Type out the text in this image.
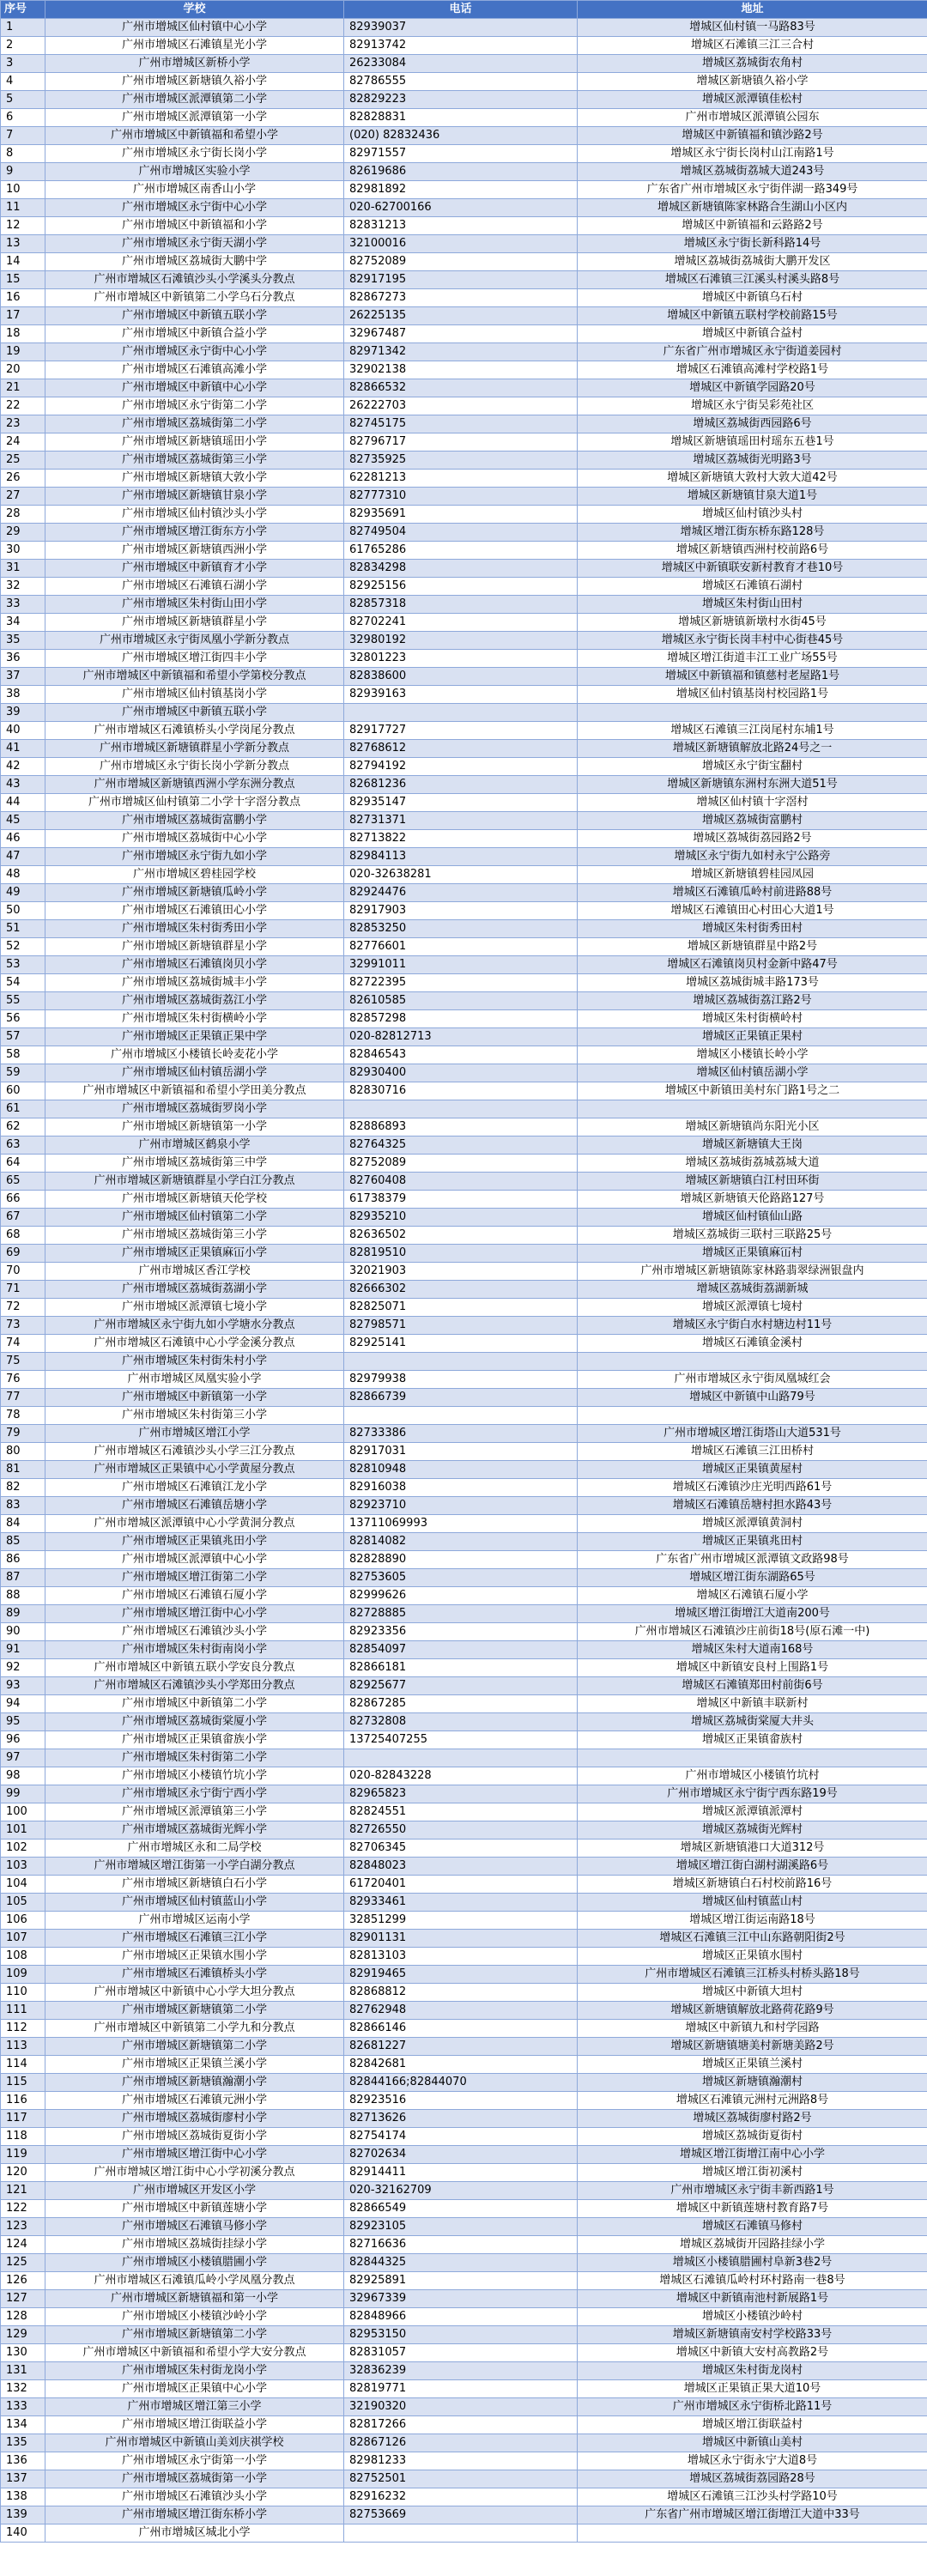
序号	学校	电话	地址
1	广州市增城区仙村镇中心小学	82939037	增城区仙村镇一马路83号
2	广州市增城区石滩镇星光小学	82913742	增城区石滩镇三江三合村
3	广州市增城区新桥小学	26233084	增城区荔城街农角村
4	广州市增城区新塘镇久裕小学	82786555	增城区新塘镇久裕小学
5	广州市增城区派潭镇第二小学	82829223	增城区派潭镇佳松村
6	广州市增城区派潭镇第一小学	82828831	广州市增城区派潭镇公园东
7	广州市增城区中新镇福和希望小学	(020) 82832436	增城区中新镇福和镇沙路2号
8	广州市增城区永宁街长岗小学	82971557	增城区永宁街长岗村山江南路1号
9	广州市增城区实验小学	82619686	增城区荔城街荔城大道243号
10	广州市增城区南香山小学	82981892	广东省广州市增城区永宁街伴湖一路349号
11	广州市增城区永宁街中心小学	020-62700166	增城区新塘镇陈家林路合生湖山小区内
12	广州市增城区中新镇福和小学	82831213	增城区中新镇福和云路路2号
13	广州市增城区永宁街天湖小学	32100016	增城区永宁街长新科路14号
14	广州市增城区荔城街大鹏中学	82752089	增城区荔城街荔城街大鹏开发区
15	广州市增城区石滩镇沙头小学溪头分教点	82917195	增城区石滩镇三江溪头村溪头路8号
16	广州市增城区中新镇第二小学乌石分教点	82867273	增城区中新镇乌石村
17	广州市增城区中新镇五联小学	26225135	增城区中新镇五联村学校前路15号
18	广州市增城区中新镇合益小学	32967487	增城区中新镇合益村
19	广州市增城区永宁街中心小学	82971342	广东省广州市增城区永宁街道姜园村
20	广州市增城区石滩镇高滩小学	32902138	增城区石滩镇高滩村学校路1号
21	广州市增城区中新镇中心小学	82866532	增城区中新镇学园路20号
22	广州市增城区永宁街第二小学	26222703	增城区永宁街吴彩苑社区
23	广州市增城区荔城街第二小学	82745175	增城区荔城街西园路6号
24	广州市增城区新塘镇瑶田小学	82796717	增城区新塘镇瑶田村瑶东五巷1号
25	广州市增城区荔城街第三小学	82735925	增城区荔城街光明路3号
26	广州市增城区新塘镇大敦小学	62281213	增城区新塘镇大敦村大敦大道42号
27	广州市增城区新塘镇甘泉小学	82777310	增城区新塘镇甘泉大道1号
28	广州市增城区仙村镇沙头小学	82935691	增城区仙村镇沙头村
29	广州市增城区增江街东方小学	82749504	增城区增江街东桥东路128号
30	广州市增城区新塘镇西洲小学	61765286	增城区新塘镇西洲村校前路6号
31	广州市增城区中新镇育才小学	82834298	增城区中新镇联安新村教育才巷10号
32	广州市增城区石滩镇石湖小学	82925156	增城区石滩镇石湖村
33	广州市增城区朱村街山田小学	82857318	增城区朱村街山田村
34	广州市增城区新塘镇群星小学	82702241	增城区新塘镇新墩村水街45号
35	广州市增城区永宁街凤凰小学新分教点	32980192	增城区永宁街长岗丰村中心街巷45号
36	广州市增城区增江街四丰小学	32801223	增城区增江街道丰江工业广场55号
37	广州市增城区中新镇福和希望小学第校分教点	82838600	增城区中新镇福和镇慈村老屋路1号
38	广州市增城区仙村镇基岗小学	82939163	增城区仙村镇基岗村校园路1号
39	广州市增城区中新镇五联小学		
40	广州市增城区石滩镇桥头小学岗尾分教点	82917727	增城区石滩镇三江岗尾村东埔1号
41	广州市增城区新塘镇群星小学新分教点	82768612	增城区新塘镇解放北路24号之一
42	广州市增城区永宁街长岗小学新分教点	82794192	增城区永宁街宝翻村
43	广州市增城区新塘镇西洲小学东洲分教点	82681236	增城区新塘镇东洲村东洲大道51号
44	广州市增城区仙村镇第二小学十字滘分教点	82935147	增城区仙村镇十字滘村
45	广州市增城区荔城街富鹏小学	82731371	增城区荔城街富鹏村
46	广州市增城区荔城街中心小学	82713822	增城区荔城街荔园路2号
47	广州市增城区永宁街九如小学	82984113	增城区永宁街九如村永宁公路旁
48	广州市增城区碧桂园学校	020-32638281	增城区新塘镇碧桂园凤园
49	广州市增城区新塘镇瓜岭小学	82924476	增城区石滩镇瓜岭村前进路88号
50	广州市增城区石滩镇田心小学	82917903	增城区石滩镇田心村田心大道1号
51	广州市增城区朱村街秀田小学	82853250	增城区朱村街秀田村
52	广州市增城区新塘镇群星小学	82776601	增城区新塘镇群星中路2号
53	广州市增城区石滩镇岗贝小学	32991011	增城区石滩镇岗贝村金新中路47号
54	广州市增城区荔城街城丰小学	82722395	增城区荔城街城丰路173号
55	广州市增城区荔城街荔江小学	82610585	增城区荔城街荔江路2号
56	广州市增城区朱村街横岭小学	82857298	增城区朱村街横岭村
57	广州市增城区正果镇正果中学	020-82812713	增城区正果镇正果村
58	广州市增城区小楼镇长岭麦花小学	82846543	增城区小楼镇长岭小学
59	广州市增城区仙村镇岳湖小学	82930400	增城区仙村镇岳湖小学
60	广州市增城区中新镇福和希望小学田美分教点	82830716	增城区中新镇田美村东门路1号之二
61	广州市增城区荔城街罗岗小学		
62	广州市增城区新塘镇第一小学	82886893	增城区新塘镇尚东阳光小区
63	广州市增城区鹤泉小学	82764325	增城区新塘镇大王岗
64	广州市增城区荔城街第三中学	82752089	增城区荔城街荔城荔城大道
65	广州市增城区新塘镇群星小学白江分教点	82760408	增城区新塘镇白江村田环街
66	广州市增城区新塘镇天伦学校	61738379	增城区新塘镇天伦路路127号
67	广州市增城区仙村镇第二小学	82935210	增城区仙村镇仙山路
68	广州市增城区荔城街第三小学	82636502	增城区荔城街三联村三联路25号
69	广州市增城区正果镇麻冚小学	82819510	增城区正果镇麻冚村
70	广州市增城区香江学校	32021903	广州市增城区新塘镇陈家林路翡翠绿洲银盘内
71	广州市增城区荔城街荔湖小学	82666302	增城区荔城街荔湖新城
72	广州市增城区派潭镇七境小学	82825071	增城区派潭镇七境村
73	广州市增城区永宁街九如小学塘水分教点	82798571	增城区永宁街白水村塘边村11号
74	广州市增城区石滩镇中心小学金溪分教点	82925141	增城区石滩镇金溪村
75	广州市增城区朱村街朱村小学		
76	广州市增城区凤凰实验小学	82979938	广州市增城区永宁街凤凰城红会
77	广州市增城区中新镇第一小学	82866739	增城区中新镇中山路79号
78	广州市增城区朱村街第三小学		
79	广州市增城区增江小学	82733386	广州市增城区增江街塔山大道531号
80	广州市增城区石滩镇沙头小学三江分教点	82917031	增城区石滩镇三江田桥村
81	广州市增城区正果镇中心小学黄屋分教点	82810948	增城区正果镇黄屋村
82	广州市增城区石滩镇江龙小学	82916038	增城区石滩镇沙庄光明西路61号
83	广州市增城区石滩镇岳塘小学	82923710	增城区石滩镇岳塘村担水路43号
84	广州市增城区派潭镇中心小学黄洞分教点	13711069993	增城区派潭镇黄洞村
85	广州市增城区正果镇兆田小学	82814082	增城区正果镇兆田村
86	广州市增城区派潭镇中心小学	82828890	广东省广州市增城区派潭镇文政路98号
87	广州市增城区增江街第二小学	82753605	增城区增江街东湖路65号
88	广州市增城区石滩镇石厦小学	82999626	增城区石滩镇石厦小学
89	广州市增城区增江街中心小学	82728885	增城区增江街增江大道南200号
90	广州市增城区石滩镇沙头小学	82923356	广州市增城区石滩镇沙庄前街18号(原石滩一中)
91	广州市增城区朱村街南岗小学	82854097	增城区朱村大道南168号
92	广州市增城区中新镇五联小学安良分教点	82866181	增城区中新镇安良村上围路1号
93	广州市增城区石滩镇沙头小学郑田分教点	82925677	增城区石滩镇郑田村前街6号
94	广州市增城区中新镇第二小学	82867285	增城区中新镇丰联新村
95	广州市增城区荔城街棠厦小学	82732808	增城区荔城街棠厦大井头
96	广州市增城区正果镇畲族小学	13725407255	增城区正果镇畲族村
97	广州市增城区朱村街第二小学		
98	广州市增城区小楼镇竹坑小学	020-82843228	广州市增城区小楼镇竹坑村
99	广州市增城区永宁街宁西小学	82965823	广州市增城区永宁街宁西东路19号
100	广州市增城区派潭镇第三小学	82824551	增城区派潭镇派潭村
101	广州市增城区荔城街光辉小学	82726550	增城区荔城街光辉村
102	广州市增城区永和二局学校	82706345	增城区新塘镇港口大道312号
103	广州市增城区增江街第一小学白湖分教点	82848023	增城区增江街白湖村湖溪路6号
104	广州市增城区新塘镇白石小学	61720401	增城区新塘镇白石村校前路16号
105	广州市增城区仙村镇蓝山小学	82933461	增城区仙村镇蓝山村
106	广州市增城区运南小学	32851299	增城区增江街运南路18号
107	广州市增城区石滩镇三江小学	82901131	增城区石滩镇三江中山东路朝阳街2号
108	广州市增城区正果镇水围小学	82813103	增城区正果镇水围村
109	广州市增城区石滩镇桥头小学	82919465	广州市增城区石滩镇三江桥头村桥头路18号
110	广州市增城区中新镇中心小学大坦分教点	82868812	增城区中新镇大坦村
111	广州市增城区新塘镇第二小学	82762948	增城区新塘镇解放北路荷花路9号
112	广州市增城区中新镇第二小学九和分教点	82866146	增城区中新镇九和村学园路
113	广州市增城区新塘镇第二小学	82681227	增城区新塘镇塘美村新塘美路2号
114	广州市增城区正果镇兰溪小学	82842681	增城区正果镇兰溪村
115	广州市增城区新塘镇瀚潮小学	82844166;82844070	增城区新塘镇瀚潮村
116	广州市增城区石滩镇元洲小学	82923516	增城区石滩镇元洲村元洲路8号
117	广州市增城区荔城街廖村小学	82713626	增城区荔城街廖村路2号
118	广州市增城区荔城街夏街小学	82754174	增城区荔城街夏街村
119	广州市增城区增江街中心小学	82702634	增城区增江街增江南中心小学
120	广州市增城区增江街中心小学初溪分教点	82914411	增城区增江街初溪村
121	广州市增城区开发区小学	020-32162709	广州市增城区永宁街丰新西路1号
122	广州市增城区中新镇莲塘小学	82866549	增城区中新镇莲塘村教育路7号
123	广州市增城区石滩镇马修小学	82923105	增城区石滩镇马修村
124	广州市增城区荔城街挂绿小学	82716636	增城区荔城街开园路挂绿小学
125	广州市增城区小楼镇腊圃小学	82844325	增城区小楼镇腊圃村阜新3巷2号
126	广州市增城区石滩镇瓜岭小学凤凰分教点	82925891	增城区石滩镇瓜岭村环村路南一巷8号
127	广州市增城区新塘镇福和第一小学	32967339	增城区中新镇南池村新展路1号
128	广州市增城区小楼镇沙岭小学	82848966	增城区小楼镇沙岭村
129	广州市增城区新塘镇第二小学	82953150	增城区新塘镇南安村学校路33号
130	广州市增城区中新镇福和希望小学大安分教点	82831057	增城区中新镇大安村高教路2号
131	广州市增城区朱村街龙岗小学	32836239	增城区朱村街龙岗村
132	广州市增城区正果镇中心小学	82819771	增城区正果镇正果大道10号
133	广州市增城区增江第三小学	32190320	广州市增城区永宁街桥北路11号
134	广州市增城区增江街联益小学	82817266	增城区增江街联益村
135	广州市增城区中新镇山美刘庆祺学校	82867126	增城区中新镇山美村
136	广州市增城区永宁街第一小学	82981233	增城区永宁街永宁大道8号
137	广州市增城区荔城街第一小学	82752501	增城区荔城街荔园路28号
138	广州市增城区石滩镇沙头小学	82916232	增城区石滩镇三江沙头村学路10号
139	广州市增城区增江街东桥小学	82753669	广东省广州市增城区增江街增江大道中33号
140	广州市增城区城北小学		
